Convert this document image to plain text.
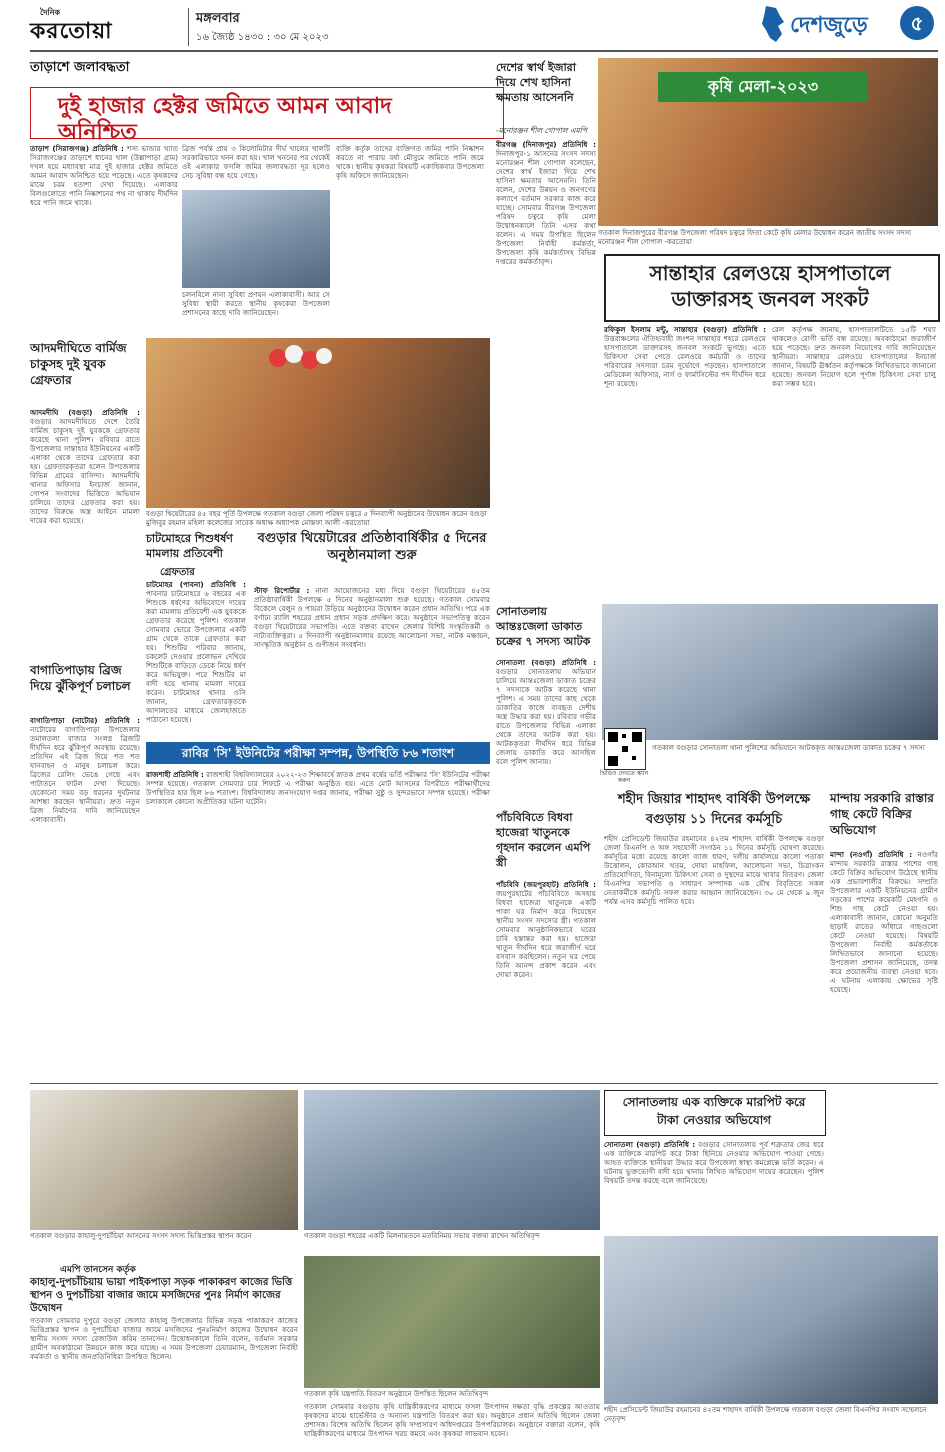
দৈনিক
করতোয়া
মঙ্গলবার
১৬ জ্যৈষ্ঠ ১৪৩০ : ৩০ মে ২০২৩	দেশজুড়ে	৫
তাড়াশে জলাবদ্ধতা
দুই হাজার হেক্টর জমিতে আমন আবাদ অনিশ্চিত
তাড়াশ (সিরাজগঞ্জ) প্রতিনিধি : শস্য ভান্ডার খ্যাত সিরাজগঞ্জের তাড়াশে ধানের খাল (উল্লাপাড়া গ্রাম) দখল হয়ে মধ্যাবস্থা মাত্র দুই হাজার হেক্টর জমিতে আমন আবাদ অনিশ্চিত হয়ে পড়েছে। এতে কৃষকদের মাঝে চরম হতাশা দেখা দিয়েছে। এলাকার বিলগুলোতে পানি নিষ্কাশনের পথ না থাকায় দীর্ঘদিন ধরে পানি জমে থাকে।
ব্রিজ পর্যন্ত প্রায় ৩ কিলোমিটার দীর্ঘ খালের খালটি সরকারিভাবে খনন করা হয়। খাল খননের পর থেকেই ওই এলাকার ফসলি জমির জলাবদ্ধতা দূর হলেও সেচ সুবিধা বন্ধ হয়ে গেছে।
চলনবিলে নানা সুবিধা প্রণয়ন এলাকাবাসী। আর সে সুবিধা স্থায়ী করতে স্থানীয় কৃষকেরা উপজেলা প্রশাসনের কাছে দাবি জানিয়েছেন।
ব্যক্তি কর্তৃক তাদের ব্যক্তিগত জমির পানি নিষ্কাশন করতে না পারায় বর্ষা মৌসুমে জমিতে পানি জমে থাকে। স্থানীয় কৃষকরা বিষয়টি একাধিকবার উপজেলা কৃষি অফিসে জানিয়েছেন।
দেশের স্বার্থ ইজারা দিয়ে শেখ হাসিনা ক্ষমতায় আসেননি
-মনোরঞ্জন শীল গোপাল এমপি
বীরগঞ্জ (দিনাজপুর) প্রতিনিধি : দিনাজপুর-১ আসনের সংসদ সদস্য মনোরঞ্জন শীল গোপাল বলেছেন, দেশের স্বার্থ ইজারা দিয়ে শেখ হাসিনা ক্ষমতায় আসেননি। তিনি বলেন, দেশের উন্নয়ন ও জনগণের কল্যাণে বর্তমান সরকার কাজ করে যাচ্ছে। সোমবার বীরগঞ্জ উপজেলা পরিষদ চত্বরে কৃষি মেলা উদ্বোধনকালে তিনি এসব কথা বলেন। এ সময় উপস্থিত ছিলেন উপজেলা নির্বাহী কর্মকর্তা, উপজেলা কৃষি কর্মকর্তাসহ বিভিন্ন দপ্তরের কর্মকর্তাবৃন্দ।
কৃষি মেলা-২০২৩
গতকাল দিনাজপুরের বীরগঞ্জ উপজেলা পরিষদ চত্বরে ফিতা কেটে কৃষি মেলার উদ্বোধন করেন জাতীয় সংসদ সদস্য মনোরঞ্জন শীল গোপাল -করতোয়া
সান্তাহার রেলওয়ে হাসপাতালে ডাক্তারসহ জনবল সংকট
রফিকুল ইসলাম মন্টু, সান্তাহার (বগুড়া) প্রতিনিধি : উত্তরাঞ্চলের ঐতিহ্যবাহী জংশন সান্তাহার শহরে রেলওয়ে হাসপাতালে ডাক্তারসহ জনবল সংকটে ভুগছে। এতে চিকিৎসা সেবা পেতে রেলওয়ে কর্মচারী ও তাদের পরিবারের সদস্যরা চরম দুর্ভোগে পড়ছেন। হাসপাতালে মেডিকেল অফিসার, নার্স ও ফার্মাসিস্টের পদ দীর্ঘদিন ধরে শূন্য রয়েছে।
রেল কর্তৃপক্ষ জানায়, হাসপাতালটিতে ১৫টি শয্যা থাকলেও রোগী ভর্তি বন্ধ রয়েছে। অবকাঠামো জরাজীর্ণ হয়ে পড়েছে। দ্রুত জনবল নিয়োগের দাবি জানিয়েছেন স্থানীয়রা। সান্তাহার রেলওয়ে হাসপাতালের ইনচার্জ জানান, বিষয়টি ঊর্ধ্বতন কর্তৃপক্ষকে লিখিতভাবে জানানো হয়েছে। জনবল নিয়োগ হলে পূর্ণাঙ্গ চিকিৎসা সেবা চালু করা সম্ভব হবে।
আদমদীঘিতে বার্মিজ চাকুসহ দুই যুবক গ্রেফতার
আদমদীঘি (বগুড়া) প্রতিনিধি : বগুড়ার আদমদীঘিতে দেশে তৈরি বার্মিজ চাকুসহ দুই যুবককে গ্রেফতার করেছে থানা পুলিশ। রবিবার রাতে উপজেলার সান্তাহার ইউনিয়নের একটি এলাকা থেকে তাদের গ্রেফতার করা হয়। গ্রেফতারকৃতরা হলেন উপজেলার বিভিন্ন গ্রামের বাসিন্দা। আদমদীঘি থানার অফিসার ইনচার্জ জানান, গোপন সংবাদের ভিত্তিতে অভিযান চালিয়ে তাদের গ্রেফতার করা হয়। তাদের বিরুদ্ধে অস্ত্র আইনে মামলা দায়ের করা হয়েছে।
বগুড়া থিয়েটারের ৪৫ বছর পূর্তি উপলক্ষে গতকাল বগুড়া জেলা পরিষদ চত্বরে ৫ দিনব্যাপী অনুষ্ঠানের উদ্বোধন করেন বগুড়া মুজিবুর রহমান মহিলা কলেজের সাবেক অধ্যক্ষ অধ্যাপক মোস্তফা আলী -করতোয়া
চাটমোহরে শিশুধর্ষণ মামলায় প্রতিবেশী
গ্রেফতার
চাটমোহর (পাবনা) প্রতিনিধি : পাবনার চাটমোহরে ৬ বছরের এক শিশুকে ধর্ষণের অভিযোগে দায়ের করা মামলায় প্রতিবেশী এক যুবককে গ্রেফতার করেছে পুলিশ। গতকাল সোমবার ভোরে উপজেলার একটি গ্রাম থেকে তাকে গ্রেফতার করা হয়। শিশুটির পরিবার জানায়, চকলেট দেওয়ার প্রলোভন দেখিয়ে শিশুটিকে বাড়িতে ডেকে নিয়ে ধর্ষণ করে অভিযুক্ত। পরে শিশুটির মা বাদী হয়ে থানায় মামলা দায়ের করেন। চাটমোহর থানার ওসি জানান, গ্রেফতারকৃতকে আদালতের মাধ্যমে জেলহাজতে পাঠানো হয়েছে।
বগুড়ার থিয়েটারের প্রতিষ্ঠাবার্ষিকীর ৫ দিনের অনুষ্ঠানমালা শুরু
স্টাফ রিপোর্টার : নানা আয়োজনের মধ্য দিয়ে বগুড়া থিয়েটারের ৪৫তম প্রতিষ্ঠাবার্ষিকী উপলক্ষে ৫ দিনের অনুষ্ঠানমালা শুরু হয়েছে। গতকাল সোমবার বিকেলে বেলুন ও পায়রা উড়িয়ে অনুষ্ঠানের উদ্বোধন করেন প্রধান অতিথি। পরে এক বর্ণাঢ্য র‌্যালি শহরের প্রধান প্রধান সড়ক প্রদক্ষিণ করে। অনুষ্ঠানে সভাপতিত্ব করেন বগুড়া থিয়েটারের সভাপতি। এতে বক্তব্য রাখেন জেলার বিশিষ্ট সংস্কৃতিকর্মী ও নাট্যব্যক্তিত্বরা। ৫ দিনব্যাপী অনুষ্ঠানমালায় রয়েছে আলোচনা সভা, নাটক মঞ্চায়ন, সাংস্কৃতিক অনুষ্ঠান ও গুণীজন সংবর্ধনা।
সোনাতলায় আন্তঃজেলা ডাকাত চক্রের ৭ সদস্য আটক
সোনাতলা (বগুড়া) প্রতিনিধি : বগুড়ার সোনাতলায় অভিযান চালিয়ে আন্তঃজেলা ডাকাত চক্রের ৭ সদস্যকে আটক করেছে থানা পুলিশ। এ সময় তাদের কাছ থেকে ডাকাতির কাজে ব্যবহৃত দেশীয় অস্ত্র উদ্ধার করা হয়। রবিবার গভীর রাতে উপজেলার বিভিন্ন এলাকা থেকে তাদের আটক করা হয়। আটককৃতরা দীর্ঘদিন ধরে বিভিন্ন জেলায় ডাকাতি করে আসছিল বলে পুলিশ জানায়।
ভিডিও দেখতে স্ক্যান করুন
গতকাল বগুড়ার সোনাতলা থানা পুলিশের অভিযানে আটককৃত আন্তঃজেলা ডাকাত চক্রের ৭ সদস্য
বাগাতিপাড়ায় ব্রিজ দিয়ে ঝুঁকিপূর্ণ চলাচল
বাগাতিপাড়া (নাটোর) প্রতিনিধি : নাটোরের বাগাতিপাড়া উপজেলার তমালতলা বাজার সংলগ্ন ব্রিজটি দীর্ঘদিন ধরে ঝুঁকিপূর্ণ অবস্থায় রয়েছে। প্রতিদিন এই ব্রিজ দিয়ে শত শত যানবাহন ও মানুষ চলাচল করে। ব্রিজের রেলিং ভেঙে গেছে এবং পাটাতনে ফাটল দেখা দিয়েছে। যেকোনো সময় বড় ধরনের দুর্ঘটনার আশঙ্কা করছেন স্থানীয়রা। দ্রুত নতুন ব্রিজ নির্মাণের দাবি জানিয়েছেন এলাকাবাসী।
রাবির 'সি' ইউনিটের পরীক্ষা সম্পন্ন, উপস্থিতি ৮৬ শতাংশ
রাজশাহী প্রতিনিধি : রাজশাহী বিশ্ববিদ্যালয়ের ২০২২-২৩ শিক্ষাবর্ষে স্নাতক প্রথম বর্ষের ভর্তি পরীক্ষার 'সি' ইউনিটের পরীক্ষা সম্পন্ন হয়েছে। গতকাল সোমবার চার শিফটে এ পরীক্ষা অনুষ্ঠিত হয়। এতে মোট আসনের বিপরীতে পরীক্ষার্থীদের উপস্থিতির হার ছিল ৮৬ শতাংশ। বিশ্ববিদ্যালয় জনসংযোগ দপ্তর জানায়, পরীক্ষা সুষ্ঠু ও সুন্দরভাবে সম্পন্ন হয়েছে। পরীক্ষা চলাকালে কোনো অপ্রীতিকর ঘটনা ঘটেনি।
পাঁচবিবিতে বিধবা হাজেরা খাতুনকে গৃহদান করলেন এমপি স্ত্রী
পাঁচবিবি (জয়পুরহাট) প্রতিনিধি : জয়পুরহাটের পাঁচবিবিতে অসহায় বিধবা হাজেরা খাতুনকে একটি পাকা ঘর নির্মাণ করে দিয়েছেন স্থানীয় সংসদ সদস্যের স্ত্রী। গতকাল সোমবার আনুষ্ঠানিকভাবে ঘরের চাবি হস্তান্তর করা হয়। হাজেরা খাতুন দীর্ঘদিন ধরে জরাজীর্ণ ঘরে বসবাস করছিলেন। নতুন ঘর পেয়ে তিনি আনন্দ প্রকাশ করেন এবং দোয়া করেন।
শহীদ জিয়ার শাহাদৎ বার্ষিকী উপলক্ষে
বগুড়ায় ১১ দিনের কর্মসূচি
শহীদ প্রেসিডেন্ট জিয়াউর রহমানের ৪২তম শাহাদৎ বার্ষিকী উপলক্ষে বগুড়া জেলা বিএনপি ও অঙ্গ সহযোগী সংগঠন ১১ দিনের কর্মসূচি ঘোষণা করেছে। কর্মসূচির মধ্যে রয়েছে কালো ব্যাজ ধারণ, দলীয় কার্যালয়ে কালো পতাকা উত্তোলন, কোরআন খতম, দোয়া মাহফিল, আলোচনা সভা, চিত্রাংকন প্রতিযোগিতা, বিনামূল্যে চিকিৎসা সেবা ও দুস্থদের মাঝে খাবার বিতরণ। জেলা বিএনপির সভাপতি ও সাধারণ সম্পাদক এক যৌথ বিবৃতিতে সকল নেতাকর্মীকে কর্মসূচি সফল করার আহ্বান জানিয়েছেন। ৩০ মে থেকে ৯ জুন পর্যন্ত এসব কর্মসূচি পালিত হবে।
মান্দায় সরকারি রাস্তার গাছ কেটে বিক্রির অভিযোগ
মান্দা (নওগাঁ) প্রতিনিধি : নওগাঁর মান্দায় সরকারি রাস্তার পাশের গাছ কেটে বিক্রির অভিযোগ উঠেছে স্থানীয় এক প্রভাবশালীর বিরুদ্ধে। সম্প্রতি উপজেলার একটি ইউনিয়নের গ্রামীণ সড়কের পাশের কয়েকটি মেহগনি ও শিশু গাছ কেটে নেওয়া হয়। এলাকাবাসী জানান, কোনো অনুমতি ছাড়াই রাতের আঁধারে গাছগুলো কেটে নেওয়া হয়েছে। বিষয়টি উপজেলা নির্বাহী কর্মকর্তাকে লিখিতভাবে জানানো হয়েছে। উপজেলা প্রশাসন জানিয়েছে, তদন্ত করে প্রয়োজনীয় ব্যবস্থা নেওয়া হবে। এ ঘটনায় এলাকায় ক্ষোভের সৃষ্টি হয়েছে।
গতকাল বগুড়ার কাহালু-দুপচাঁচিয়া আসনের সংসদ সদস্য ভিত্তিপ্রস্তর স্থাপন করেন	গতকাল বগুড়া শহরের একটি মিলনায়তনে মতবিনিময় সভায় বক্তব্য রাখেন অতিথিবৃন্দ
সোনাতলায় এক ব্যক্তিকে মারপিট করে টাকা নেওয়ার অভিযোগ
সোনাতলা (বগুড়া) প্রতিনিধি : বগুড়ার সোনাতলায় পূর্ব শত্রুতার জের ধরে এক ব্যক্তিকে মারপিট করে টাকা ছিনিয়ে নেওয়ার অভিযোগ পাওয়া গেছে। আহত ব্যক্তিকে স্থানীয়রা উদ্ধার করে উপজেলা স্বাস্থ্য কমপ্লেক্সে ভর্তি করেন। এ ঘটনায় ভুক্তভোগী বাদী হয়ে থানায় লিখিত অভিযোগ দায়ের করেছেন। পুলিশ বিষয়টি তদন্ত করছে বলে জানিয়েছে।
এমপি তানসেন কর্তৃক
কাহালু-দুপচাঁচিয়ায় ভায়া পাইকপাড়া সড়ক পাকাকরণ কাজের ভিত্তি স্থাপন ও দুপচাঁচিয়া বাজার জামে মসজিদের পুনঃ নির্মাণ কাজের উদ্বোধন
গতকাল সোমবার দুপুরে বগুড়া জেলার কাহালু উপজেলার বিভিন্ন সড়ক পাকাকরণ কাজের ভিত্তিপ্রস্তর স্থাপন ও দুপচাঁচিয়া বাজার জামে মসজিদের পুনঃনির্মাণ কাজের উদ্বোধন করেন স্থানীয় সংসদ সদস্য রেজাউল করিম তানসেন। উদ্বোধনকালে তিনি বলেন, বর্তমান সরকার গ্রামীণ অবকাঠামো উন্নয়নে কাজ করে যাচ্ছে। এ সময় উপজেলা চেয়ারম্যান, উপজেলা নির্বাহী কর্মকর্তা ও স্থানীয় জনপ্রতিনিধিরা উপস্থিত ছিলেন।
গতকাল কৃষি যন্ত্রপাতি বিতরণ অনুষ্ঠানে উপস্থিত ছিলেন অতিথিবৃন্দ
গতকাল সোমবার বগুড়ায় কৃষি যান্ত্রিকীকরণের মাধ্যমে ফসল উৎপাদন দক্ষতা বৃদ্ধি প্রকল্পের আওতায় কৃষকদের মাঝে হার্ভেস্টার ও অন্যান্য যন্ত্রপাতি বিতরণ করা হয়। অনুষ্ঠানে প্রধান অতিথি ছিলেন জেলা প্রশাসক। বিশেষ অতিথি ছিলেন কৃষি সম্প্রসারণ অধিদপ্তরের উপপরিচালক। অনুষ্ঠানে বক্তারা বলেন, কৃষি যান্ত্রিকীকরণের মাধ্যমে উৎপাদন খরচ কমবে এবং কৃষকরা লাভবান হবেন।
শহীদ প্রেসিডেন্ট জিয়াউর রহমানের ৪২তম শাহাদৎ বার্ষিকী উপলক্ষে গতকাল বগুড়া জেলা বিএনপির সংবাদ সম্মেলনে নেতৃবৃন্দ
